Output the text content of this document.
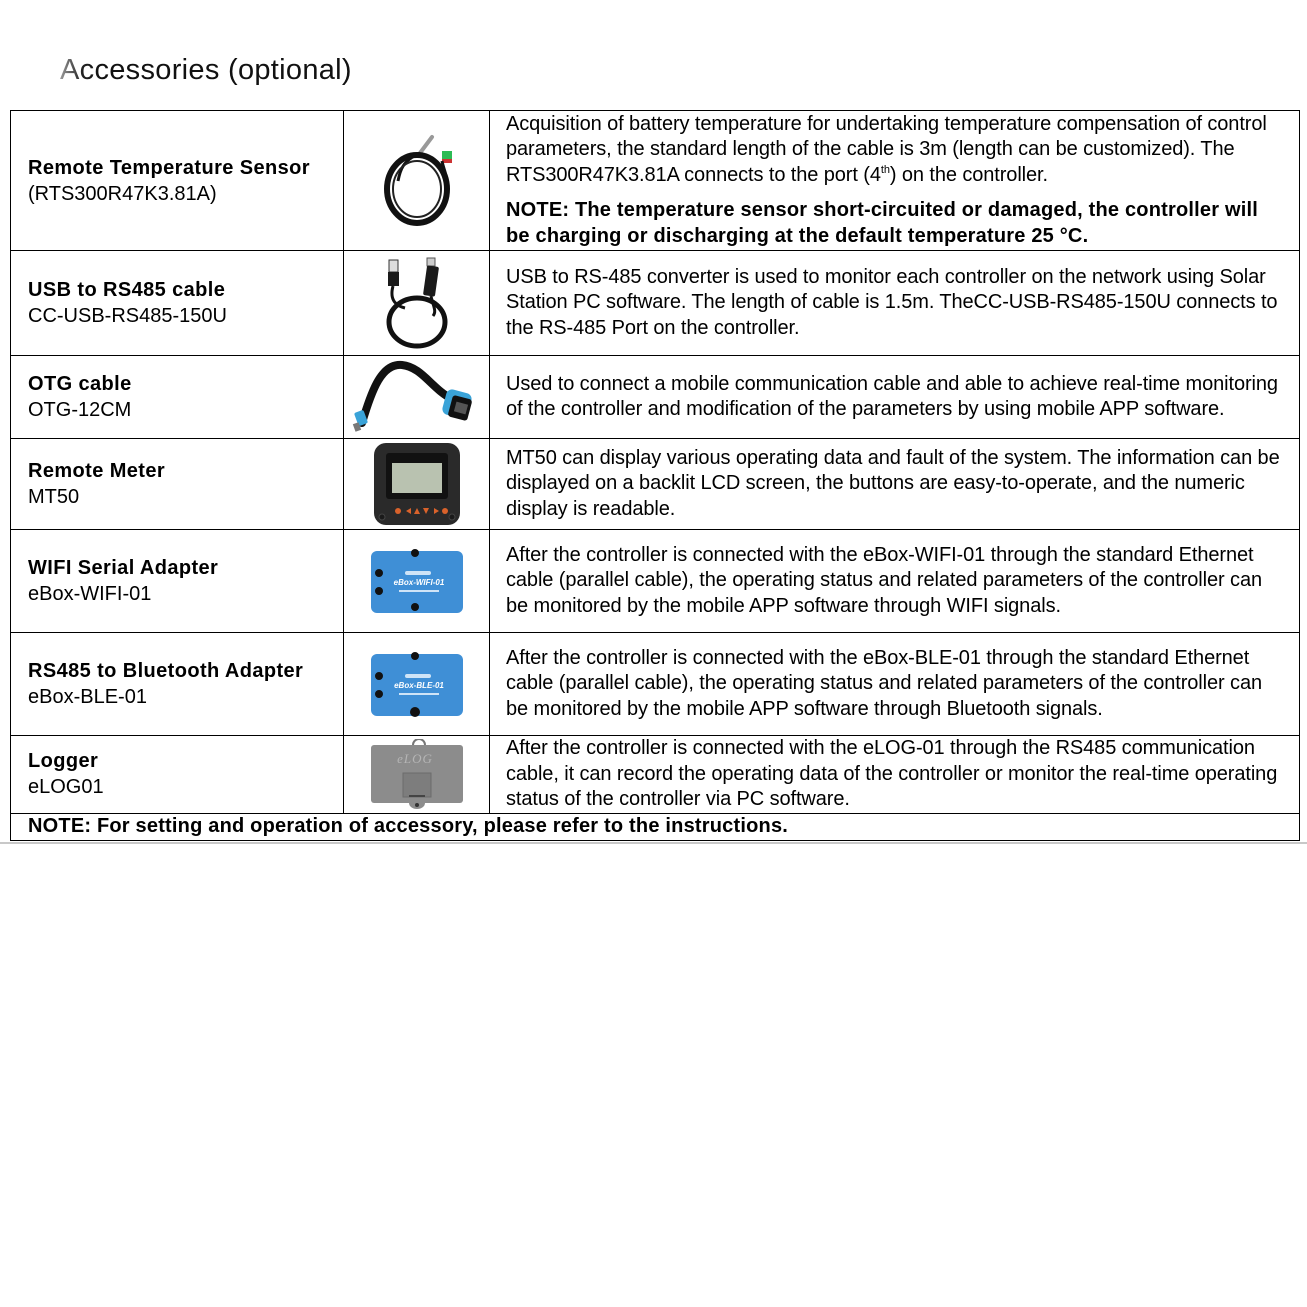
Accessories (optional)
Remote Temperature Sensor
(RTS300R47K3.81A)

Acquisition of battery temperature for undertaking temperature compensation of control parameters, the standard length of the cable is 3m (length can be customized). The RTS300R47K3.81A connects to the port (4th) on the controller.
NOTE: The temperature sensor short-circuited or damaged, the controller will be charging or discharging at the default temperature 25 °C.

USB to RS485 cable
CC-USB-RS485-150U		USB to RS-485 converter is used to monitor each controller on the network using Solar Station PC software. The length of cable is 1.5m. TheCC-USB-RS485-150U connects to the RS-485 Port on the controller.

OTG cable
OTG-12CM		Used to connect a mobile communication cable and able to achieve real-time monitoring of the controller and modification of the parameters by using mobile APP software.

Remote Meter
MT50		MT50 can display various operating data and fault of the system. The information can be displayed on a backlit LCD screen, the buttons are easy-to-operate, and the numeric display is readable.

WIFI Serial Adapter
eBox-WIFI-01	eBox-WIFI-01	After the controller is connected with the eBox-WIFI-01 through the standard Ethernet cable (parallel cable), the operating status and related parameters of the controller can be monitored by the mobile APP software through WIFI signals.

RS485 to Bluetooth Adapter
eBox-BLE-01	eBox-BLE-01	After the controller is connected with the eBox-BLE-01 through the standard Ethernet cable (parallel cable), the operating status and related parameters of the controller can be monitored by the mobile APP software through Bluetooth signals.

Logger
eLOG01	eLOG	After the controller is connected with the eLOG-01 through the RS485 communication cable, it can record the operating data of the controller or monitor the real-time operating status of the controller via PC software.

NOTE: For setting and operation of accessory, please refer to the instructions.		
